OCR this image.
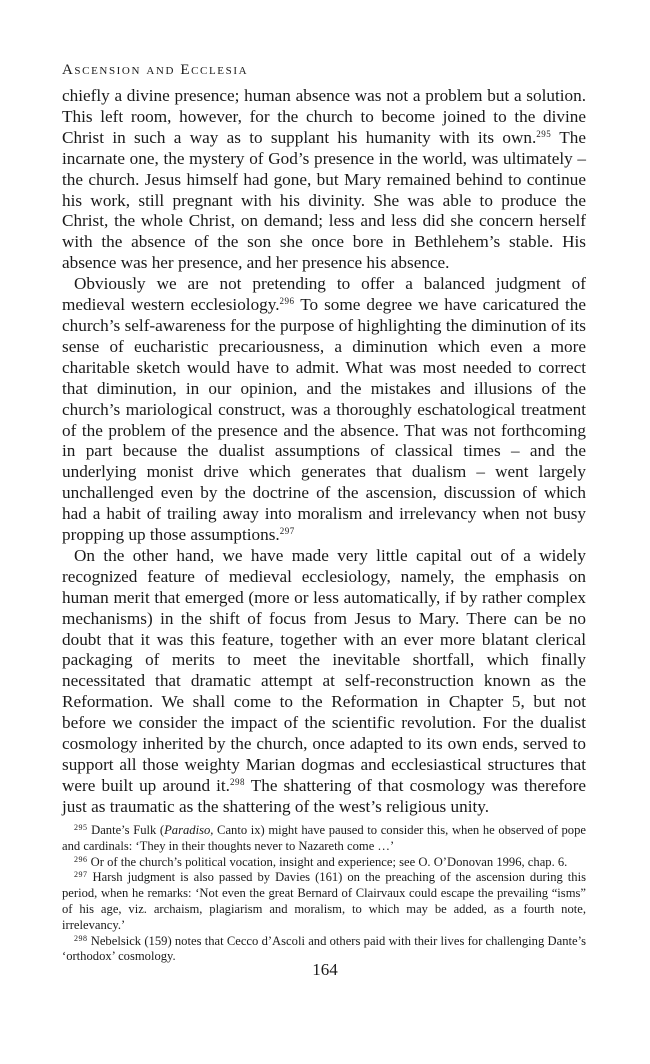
Ascension and Ecclesia

chiefly a divine presence; human absence was not a problem but a solution. This left room, however, for the church to become joined to the divine Christ in such a way as to supplant his humanity with its own.$^{295}$ The incarnate one, the mystery of God’s presence in the world, was ultimately – the church. Jesus himself had gone, but Mary remained behind to continue his work, still pregnant with his divinity. She was able to produce the Christ, the whole Christ, on demand; less and less did she concern herself with the absence of the son she once bore in Bethlehem’s stable. His absence was her presence, and her presence his absence.

Obviously we are not pretending to offer a balanced judgment of medieval western ecclesiology.$^{296}$ To some degree we have caricatured the church’s self-awareness for the purpose of highlighting the diminution of its sense of eucharistic precariousness, a diminution which even a more charitable sketch would have to admit. What was most needed to correct that diminution, in our opinion, and the mistakes and illusions of the church’s mariological construct, was a thoroughly eschatological treatment of the problem of the presence and the absence. That was not forthcoming in part because the dualist assumptions of classical times – and the underlying monist drive which generates that dualism – went largely unchallenged even by the doctrine of the ascension, discussion of which had a habit of trailing away into moralism and irrelevancy when not busy propping up those assumptions.$^{297}$

On the other hand, we have made very little capital out of a widely recognized feature of medieval ecclesiology, namely, the emphasis on human merit that emerged (more or less automatically, if by rather complex mechanisms) in the shift of focus from Jesus to Mary. There can be no doubt that it was this feature, together with an ever more blatant clerical packaging of merits to meet the inevitable shortfall, which finally necessitated that dramatic attempt at self-reconstruction known as the Reformation. We shall come to the Reformation in Chapter 5, but not before we consider the impact of the scientific revolution. For the dualist cosmology inherited by the church, once adapted to its own ends, served to support all those weighty Marian dogmas and ecclesiastical structures that were built up around it.$^{298}$ The shattering of that cosmology was therefore just as traumatic as the shattering of the west’s religious unity.

$^{295}$ Dante’s Fulk (Paradiso, Canto ix) might have paused to consider this, when he observed of pope and cardinals: ‘They in their thoughts never to Nazareth come …’

$^{296}$ Or of the church’s political vocation, insight and experience; see O. O’Donovan 1996, chap. 6.

$^{297}$ Harsh judgment is also passed by Davies (161) on the preaching of the ascension during this period, when he remarks: ‘Not even the great Bernard of Clairvaux could escape the prevailing “isms” of his age, viz. archaism, plagiarism and moralism, to which may be added, as a fourth note, irrelevancy.’

$^{298}$ Nebelsick (159) notes that Cecco d’Ascoli and others paid with their lives for challenging Dante’s ‘orthodox’ cosmology.

164
